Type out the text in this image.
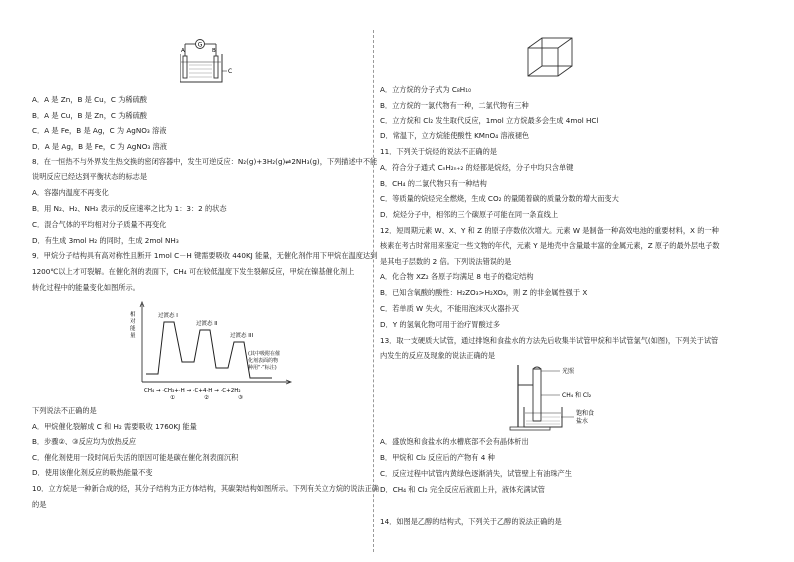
G
A	B
C
A．A 是 Zn，B 是 Cu，C 为稀硫酸
B．A 是 Cu，B 是 Zn，C 为稀硫酸
C．A 是 Fe，B 是 Ag，C 为 AgNO₃ 溶液
D．A 是 Ag，B 是 Fe，C 为 AgNO₃ 溶液
8．在一恒热不与外界发生热交换的密闭容器中，发生可逆反应：N₂(g)+3H₂(g)⇌2NH₃(g)，下列描述中不能
说明反应已经达到平衡状态的标志是
A．容器内温度不再变化
B．用 N₂、H₂、NH₃ 表示的反应速率之比为 1：3：2 的状态
C．混合气体的平均相对分子质量不再变化
D．有生成 3mol H₂ 的同时，生成 2mol NH₃
9．甲烷分子结构具有高对称性且断开 1mol C－H 键需要吸收 440KJ 能量，无催化剂作用下甲烷在温度达到
1200℃以上才可裂解。在催化剂的表面下，CH₄ 可在较低温度下发生裂解反应，甲烷在镍基催化剂上
转化过程中的能量变化如图所示。
相
对
能
量
过渡态 I
过渡态 II
过渡态 III
(其中吸附在催
化剂表面的物
种用“·”标注)
CH₄ → ·CH₃+·H → ·C+4·H → ·C+2H₂
①	②	③
下列说法不正确的是
A．甲烷催化裂解成 C 和 H₂ 需要吸收 1760KJ 能量
B．步骤②、③反应均为放热反应
C．催化剂使用一段时间后失活的原因可能是碳在催化剂表面沉积
D．使用该催化剂反应的吸热能量不变
10．立方烷是一种新合成的烃，其分子结构为正方体结构，其碳架结构如图所示。下列有关立方烷的说法正确
的是
A．立方烷的分子式为 C₈H₁₀
B．立方烷的一氯代物有一种，二氯代物有三种
C．立方烷和 Cl₂ 发生取代反应，1mol 立方烷最多会生成 4mol HCl
D．常温下，立方烷能使酸性 KMnO₄ 溶液褪色
11．下列关于烷烃的说法不正确的是
A．符合分子通式 CₙH₂ₙ₊₂ 的烃都是烷烃，分子中均只含单键
B．CH₄ 的二氯代物只有一种结构
C．等质量的烷烃完全燃烧，生成 CO₂ 的量随着碳的质量分数的增大而变大
D．烷烃分子中，相邻的三个碳原子可能在同一条直线上
12．短周期元素 W、X、Y 和 Z 的原子序数依次增大。元素 W 是制备一种高效电池的重要材料，X 的一种
核素在考古时常用来鉴定一些文物的年代，元素 Y 是地壳中含量最丰富的金属元素，Z 原子的最外层电子数
是其电子层数的 2 倍。下列说法错误的是
A．化合物 XZ₂ 各原子均满足 8 电子的稳定结构
B．已知含氧酸的酸性：H₂ZO₃>H₂XO₃，则 Z 的非金属性强于 X
C．若单质 W 失火，不能用泡沫灭火器扑灭
D．Y 的氢氧化物可用于治疗胃酸过多
13．取一支硬质大试管，通过排饱和食盐水的方法先后收集半试管甲烷和半试管氯气(如图)，下列关于试管
内发生的反应及现象的说法正确的是
光照
CH₄ 和 Cl₂
饱和食
盐水
A．盛放饱和食盐水的水槽底部不会有晶体析出
B．甲烷和 Cl₂ 反应后的产物有 4 种
C．反应过程中试管内黄绿色逐渐消失，试管壁上有油珠产生
D．CH₄ 和 Cl₂ 完全反应后液面上升，液体充满试管
14．如图是乙醇的结构式，下列关于乙醇的说法正确的是
